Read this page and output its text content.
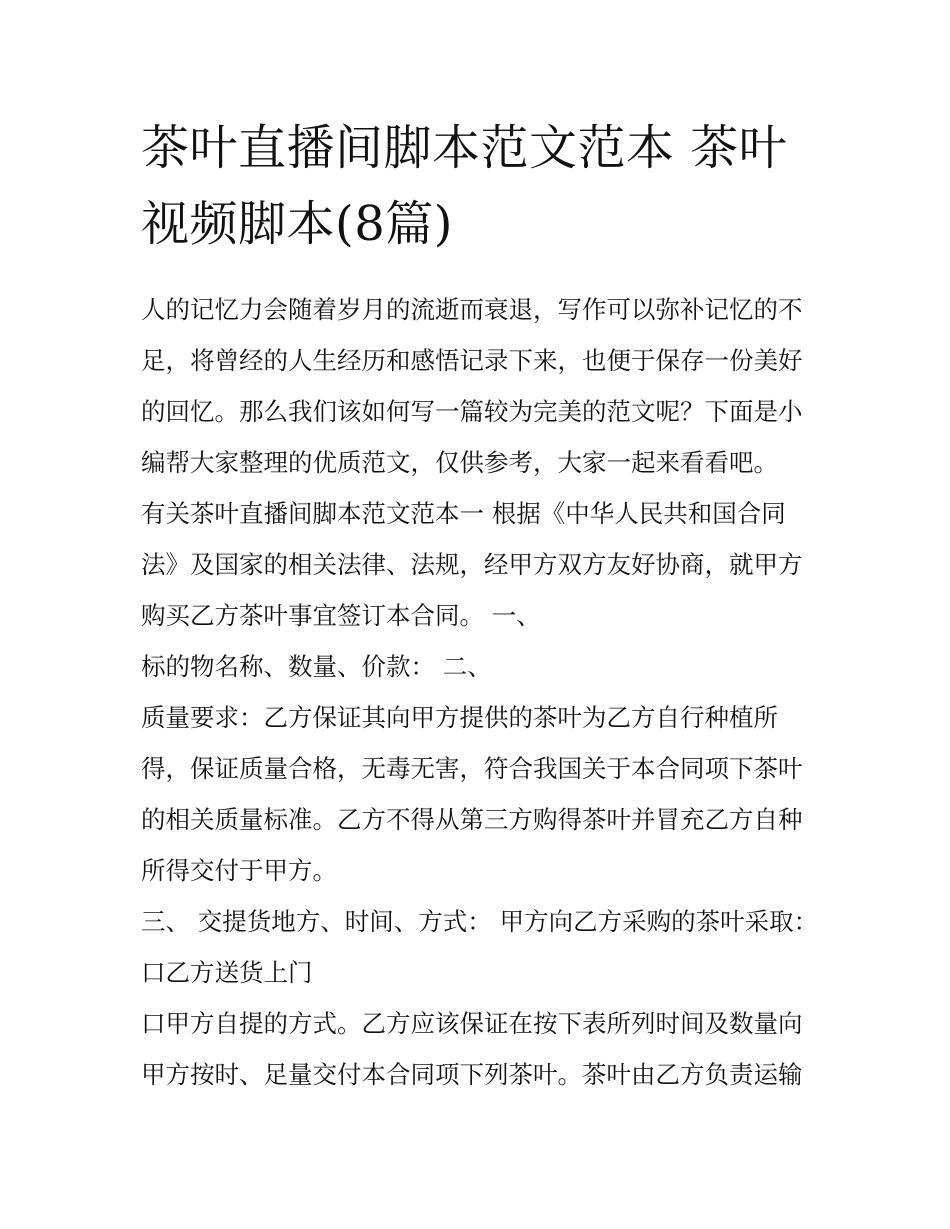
茶叶直播间脚本范文范本 茶叶视频脚本(8篇)

人的记忆力会随着岁月的流逝而衰退，写作可以弥补记忆的不足，将曾经的人生经历和感悟记录下来，也便于保存一份美好的回忆。那么我们该如何写一篇较为完美的范文呢？下面是小编帮大家整理的优质范文，仅供参考，大家一起来看看吧。

有关茶叶直播间脚本范文范本一 根据《中华人民共和国合同法》及国家的相关法律、法规，经甲方双方友好协商，就甲方购买乙方茶叶事宜签订本合同。 一、

标的物名称、数量、价款： 二、

质量要求：乙方保证其向甲方提供的茶叶为乙方自行种植所得，保证质量合格，无毒无害，符合我国关于本合同项下茶叶的相关质量标准。乙方不得从第三方购得茶叶并冒充乙方自种所得交付于甲方。

三、 交提货地方、时间、方式： 甲方向乙方采购的茶叶采取：口乙方送货上门

口甲方自提的方式。乙方应该保证在按下表所列时间及数量向甲方按时、足量交付本合同项下列茶叶。茶叶由乙方负责运输
